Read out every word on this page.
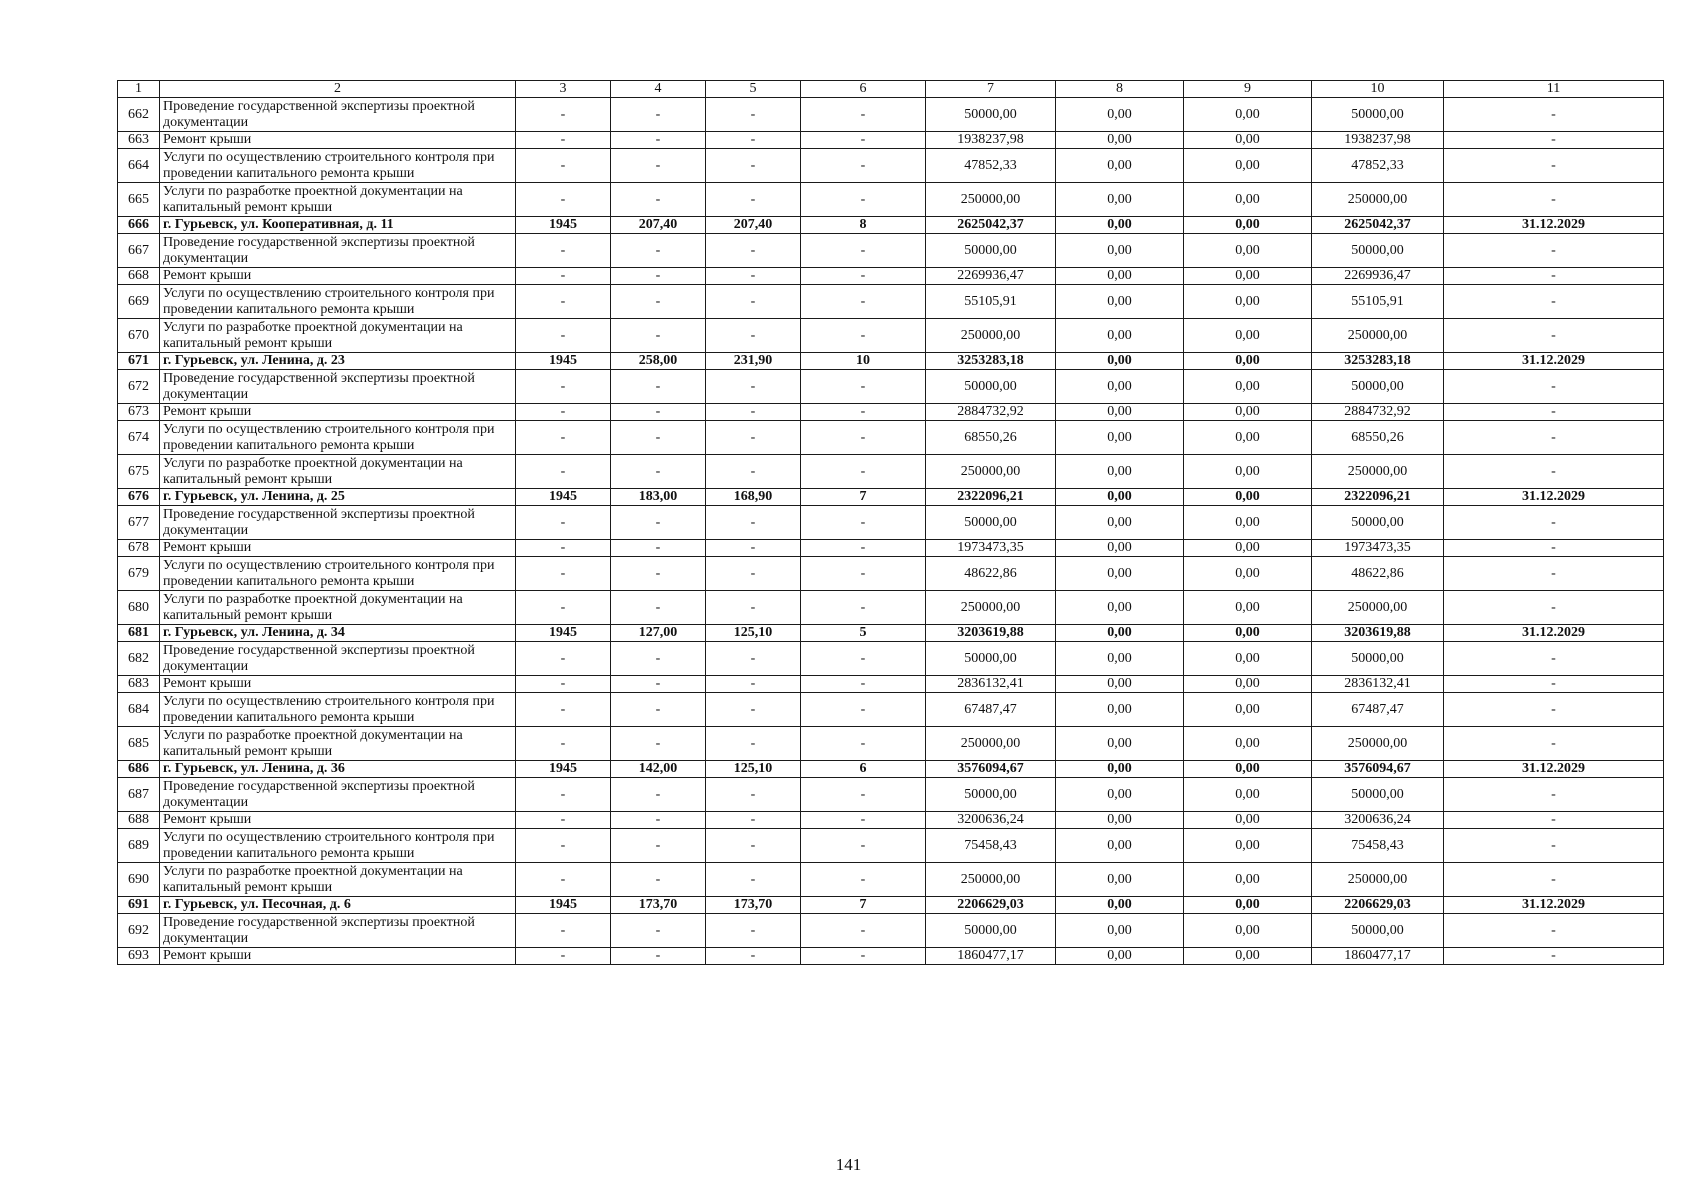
1	2	3	4	5	6	7	8	9	10	11
662	Проведение государственной экспертизы проектной документации	-	-	-	-	50000,00	0,00	0,00	50000,00	-
663	Ремонт крыши	-	-	-	-	1938237,98	0,00	0,00	1938237,98	-
664	Услуги по осуществлению строительного контроля при проведении капитального ремонта крыши	-	-	-	-	47852,33	0,00	0,00	47852,33	-
665	Услуги по разработке проектной документации на капитальный ремонт крыши	-	-	-	-	250000,00	0,00	0,00	250000,00	-
666	г. Гурьевск, ул. Кооперативная, д. 11	1945	207,40	207,40	8	2625042,37	0,00	0,00	2625042,37	31.12.2029
667	Проведение государственной экспертизы проектной документации	-	-	-	-	50000,00	0,00	0,00	50000,00	-
668	Ремонт крыши	-	-	-	-	2269936,47	0,00	0,00	2269936,47	-
669	Услуги по осуществлению строительного контроля при проведении капитального ремонта крыши	-	-	-	-	55105,91	0,00	0,00	55105,91	-
670	Услуги по разработке проектной документации на капитальный ремонт крыши	-	-	-	-	250000,00	0,00	0,00	250000,00	-
671	г. Гурьевск, ул. Ленина, д. 23	1945	258,00	231,90	10	3253283,18	0,00	0,00	3253283,18	31.12.2029
672	Проведение государственной экспертизы проектной документации	-	-	-	-	50000,00	0,00	0,00	50000,00	-
673	Ремонт крыши	-	-	-	-	2884732,92	0,00	0,00	2884732,92	-
674	Услуги по осуществлению строительного контроля при проведении капитального ремонта крыши	-	-	-	-	68550,26	0,00	0,00	68550,26	-
675	Услуги по разработке проектной документации на капитальный ремонт крыши	-	-	-	-	250000,00	0,00	0,00	250000,00	-
676	г. Гурьевск, ул. Ленина, д. 25	1945	183,00	168,90	7	2322096,21	0,00	0,00	2322096,21	31.12.2029
677	Проведение государственной экспертизы проектной документации	-	-	-	-	50000,00	0,00	0,00	50000,00	-
678	Ремонт крыши	-	-	-	-	1973473,35	0,00	0,00	1973473,35	-
679	Услуги по осуществлению строительного контроля при проведении капитального ремонта крыши	-	-	-	-	48622,86	0,00	0,00	48622,86	-
680	Услуги по разработке проектной документации на капитальный ремонт крыши	-	-	-	-	250000,00	0,00	0,00	250000,00	-
681	г. Гурьевск, ул. Ленина, д. 34	1945	127,00	125,10	5	3203619,88	0,00	0,00	3203619,88	31.12.2029
682	Проведение государственной экспертизы проектной документации	-	-	-	-	50000,00	0,00	0,00	50000,00	-
683	Ремонт крыши	-	-	-	-	2836132,41	0,00	0,00	2836132,41	-
684	Услуги по осуществлению строительного контроля при проведении капитального ремонта крыши	-	-	-	-	67487,47	0,00	0,00	67487,47	-
685	Услуги по разработке проектной документации на капитальный ремонт крыши	-	-	-	-	250000,00	0,00	0,00	250000,00	-
686	г. Гурьевск, ул. Ленина, д. 36	1945	142,00	125,10	6	3576094,67	0,00	0,00	3576094,67	31.12.2029
687	Проведение государственной экспертизы проектной документации	-	-	-	-	50000,00	0,00	0,00	50000,00	-
688	Ремонт крыши	-	-	-	-	3200636,24	0,00	0,00	3200636,24	-
689	Услуги по осуществлению строительного контроля при проведении капитального ремонта крыши	-	-	-	-	75458,43	0,00	0,00	75458,43	-
690	Услуги по разработке проектной документации на капитальный ремонт крыши	-	-	-	-	250000,00	0,00	0,00	250000,00	-
691	г. Гурьевск, ул. Песочная, д. 6	1945	173,70	173,70	7	2206629,03	0,00	0,00	2206629,03	31.12.2029
692	Проведение государственной экспертизы проектной документации	-	-	-	-	50000,00	0,00	0,00	50000,00	-
693	Ремонт крыши	-	-	-	-	1860477,17	0,00	0,00	1860477,17	-
141
